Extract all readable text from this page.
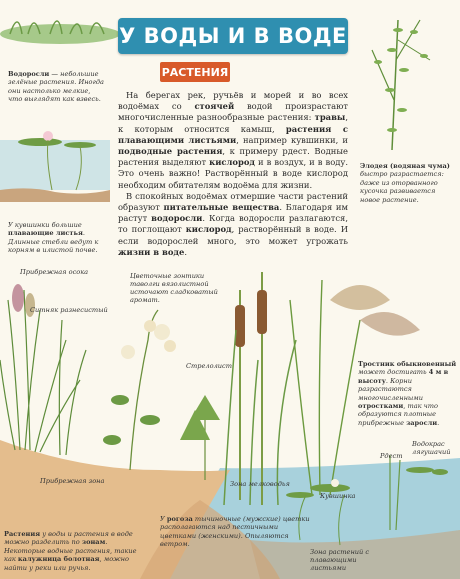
У ВОДЫ И В ВОДЕ
РАСТЕНИЯ

На берегах рек, ручьёв и морей и во всех водоёмах со стоячей водой произрастают многочисленные разнообразные растения: травы, к которым относится камыш, растения с плавающими листьями, например кувшинки, и подводные растения, к примеру рдест. Водные растения выделяют кислород и в воздух, и в воду. Это очень важно! Растворённый в воде кислород необходим обитателям водоёма для жизни.

В спокойных водоёмах отмершие части растений образуют питательные вещества. Благодаря им растут водоросли. Когда водоросли разлагаются, то поглощают кислород, растворённый в воде. И если водорослей много, это может угрожать жизни в воде.

Водоросли — небольшие зелёные растения. Иногда они настолько мелкие, что выглядят как взвесь.
У кувшинки большие плавающие листья. Длинные стебли ведут к корням в илистой почве.
Элодея (водяная чума) быстро разрастается: даже из оторванного кусочка развивается новое растение.
Тростник обыкновенный может достигать 4 м в высоту. Корни разрастаются многочисленными отростками, так что образуются плотные прибрежные заросли.
Растения у воды и растения в воде можно разделить по зонам. Некоторые водные растения, такие как калужница болотная, можно найти у реки или ручья.
У рогоза тычиночные (мужские) цветки располагаются над пестичными цветками (женскими). Опыляются ветром.
Прибрежная осока
Ситняк разнесистый
Цветочные зонтики таволги вязолистной источают сладковатый аромат.
Стрелолист
Прибрежная зона	Зона мелководья
Кувшинка
Рдест
Водокрас лягушачий
Зона растений с плавающими листьями
